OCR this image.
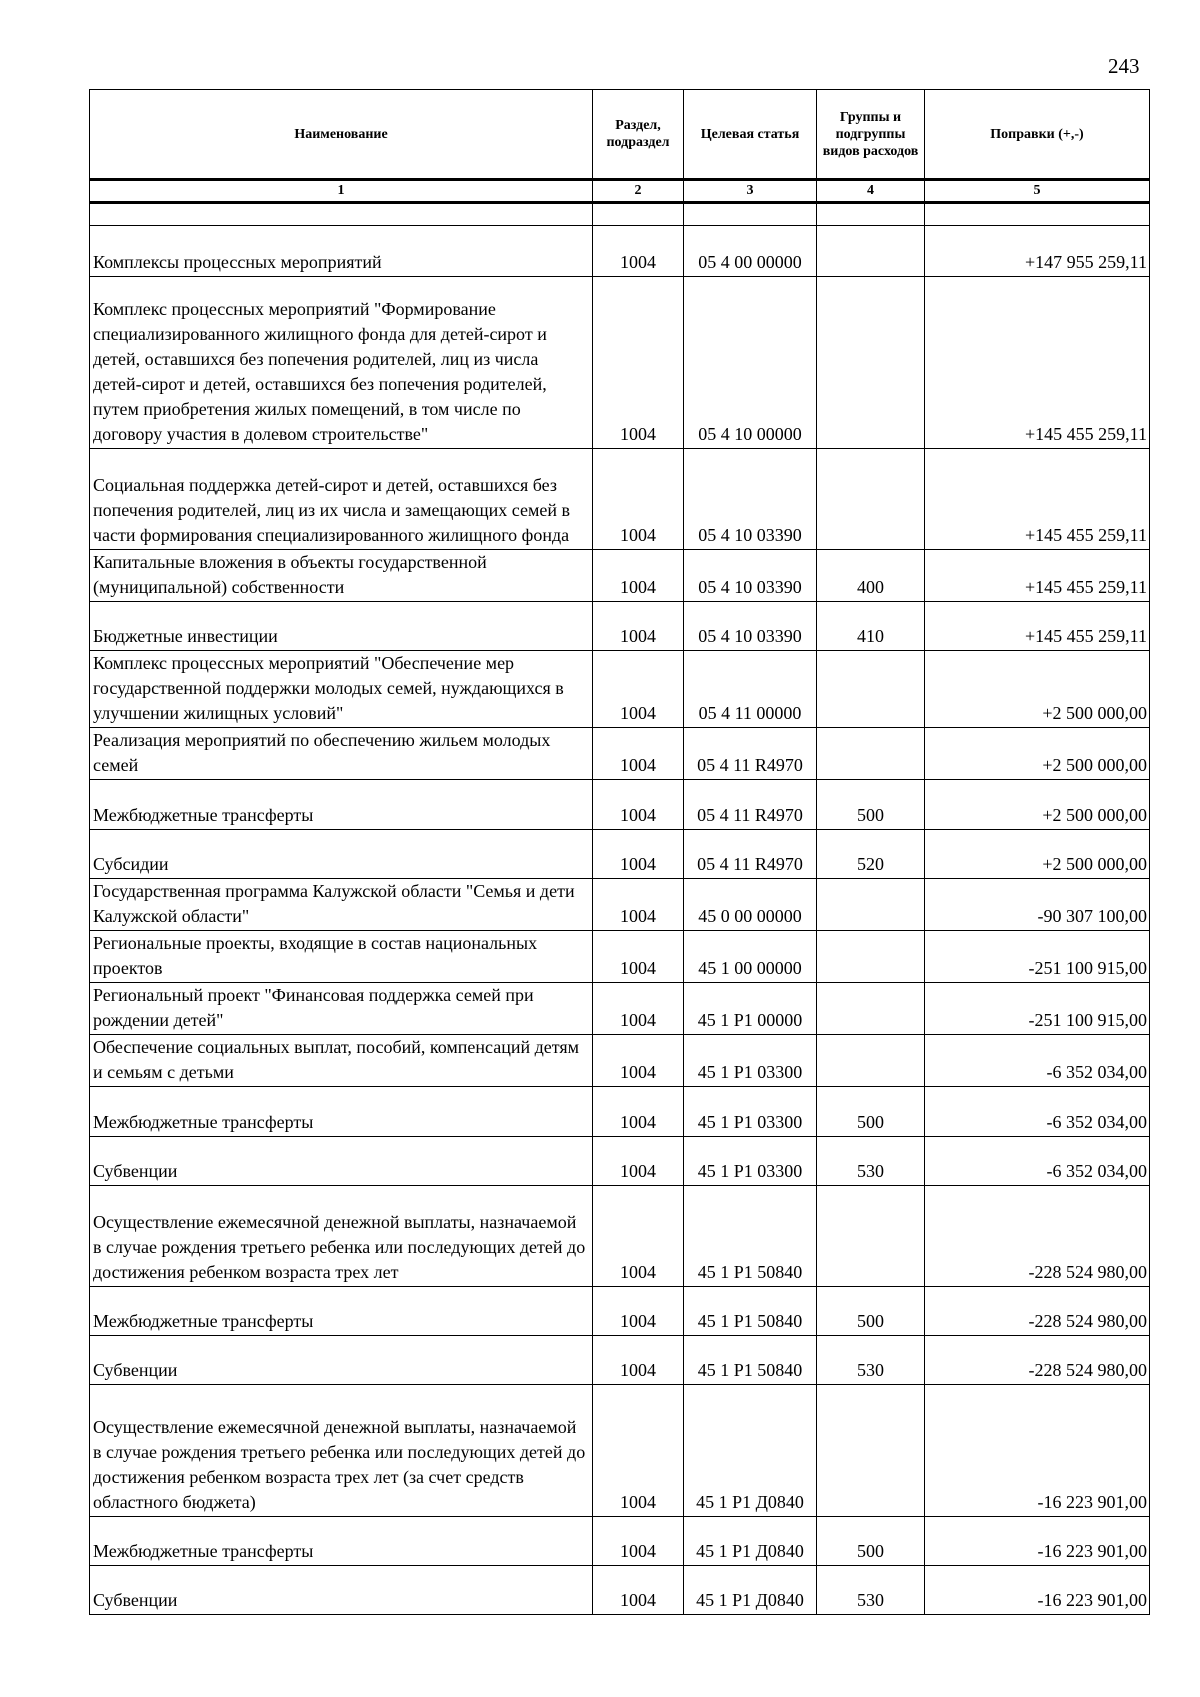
243
Наименование	Раздел, подраздел	Целевая статья	Группы и подгруппы видов расходов	Поправки (+,-)
1	2	3	4	5

Комплексы процессных мероприятий	1004	05 4 00 00000		+147 955 259,11
Комплекс процессных мероприятий "Формирование специализированного жилищного фонда для детей-сирот и детей, оставшихся без попечения родителей, лиц из числа детей-сирот и детей, оставшихся без попечения родителей, путем приобретения жилых помещений, в том числе по договору участия в долевом строительстве"	1004	05 4 10 00000		+145 455 259,11
Социальная поддержка детей-сирот и детей, оставшихся без попечения родителей, лиц из их числа и замещающих семей в части формирования специализированного жилищного фонда	1004	05 4 10 03390		+145 455 259,11
Капитальные вложения в объекты государственной (муниципальной) собственности	1004	05 4 10 03390	400	+145 455 259,11
Бюджетные инвестиции	1004	05 4 10 03390	410	+145 455 259,11
Комплекс процессных мероприятий "Обеспечение мер государственной поддержки молодых семей, нуждающихся в улучшении жилищных условий"	1004	05 4 11 00000		+2 500 000,00
Реализация мероприятий по обеспечению жильем молодых семей	1004	05 4 11 R4970		+2 500 000,00
Межбюджетные трансферты	1004	05 4 11 R4970	500	+2 500 000,00
Субсидии	1004	05 4 11 R4970	520	+2 500 000,00
Государственная программа Калужской области "Семья и дети Калужской области"	1004	45 0 00 00000		-90 307 100,00
Региональные проекты, входящие в состав национальных проектов	1004	45 1 00 00000		-251 100 915,00
Региональный проект "Финансовая поддержка семей при рождении детей"	1004	45 1 P1 00000		-251 100 915,00
Обеспечение социальных выплат, пособий, компенсаций детям и семьям с детьми	1004	45 1 P1 03300		-6 352 034,00
Межбюджетные трансферты	1004	45 1 P1 03300	500	-6 352 034,00
Субвенции	1004	45 1 P1 03300	530	-6 352 034,00
Осуществление ежемесячной денежной выплаты, назначаемой в случае рождения третьего ребенка или последующих детей до достижения ребенком возраста трех лет	1004	45 1 P1 50840		-228 524 980,00
Межбюджетные трансферты	1004	45 1 P1 50840	500	-228 524 980,00
Субвенции	1004	45 1 P1 50840	530	-228 524 980,00
Осуществление ежемесячной денежной выплаты, назначаемой в случае рождения третьего ребенка или последующих детей до достижения ребенком возраста трех лет (за счет средств областного бюджета)	1004	45 1 P1 Д0840		-16 223 901,00
Межбюджетные трансферты	1004	45 1 P1 Д0840	500	-16 223 901,00
Субвенции	1004	45 1 P1 Д0840	530	-16 223 901,00
